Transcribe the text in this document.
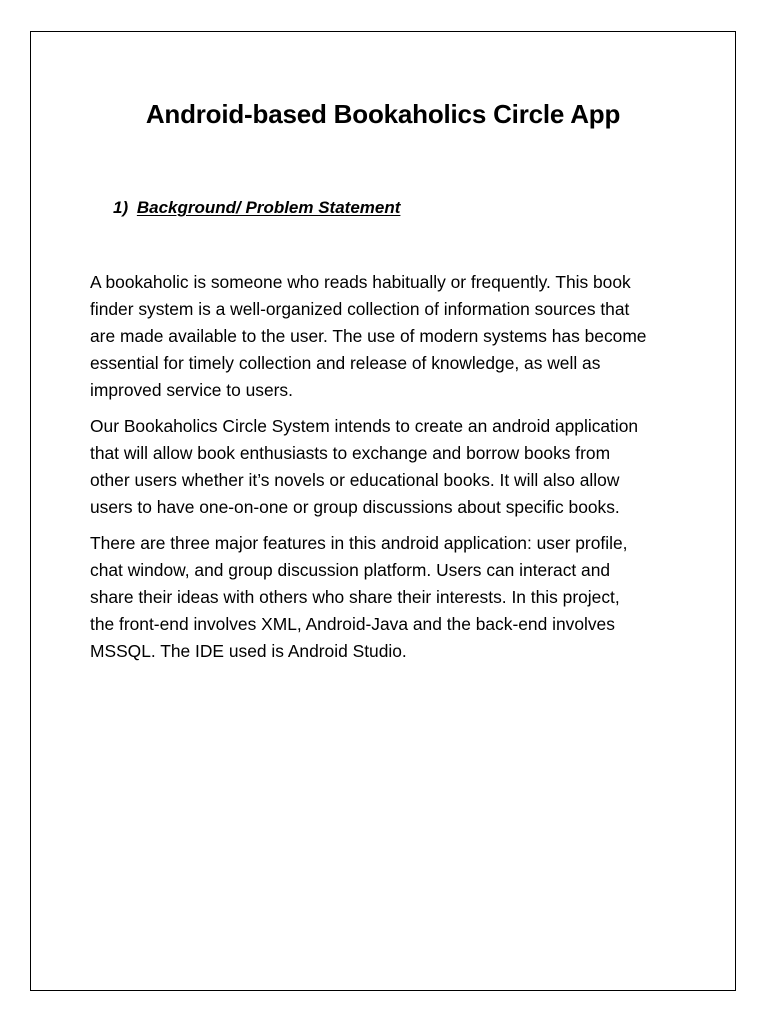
Android-based Bookaholics Circle App
1) Background/ Problem Statement

A bookaholic is someone who reads habitually or frequently. This book
finder system is a well-organized collection of information sources that
are made available to the user. The use of modern systems has become
essential for timely collection and release of knowledge, as well as
improved service to users.

Our Bookaholics Circle System intends to create an android application
that will allow book enthusiasts to exchange and borrow books from
other users whether it’s novels or educational books. It will also allow
users to have one-on-one or group discussions about specific books.

There are three major features in this android application: user profile,
chat window, and group discussion platform. Users can interact and
share their ideas with others who share their interests. In this project,
the front-end involves XML, Android-Java and the back-end involves
MSSQL. The IDE used is Android Studio.
